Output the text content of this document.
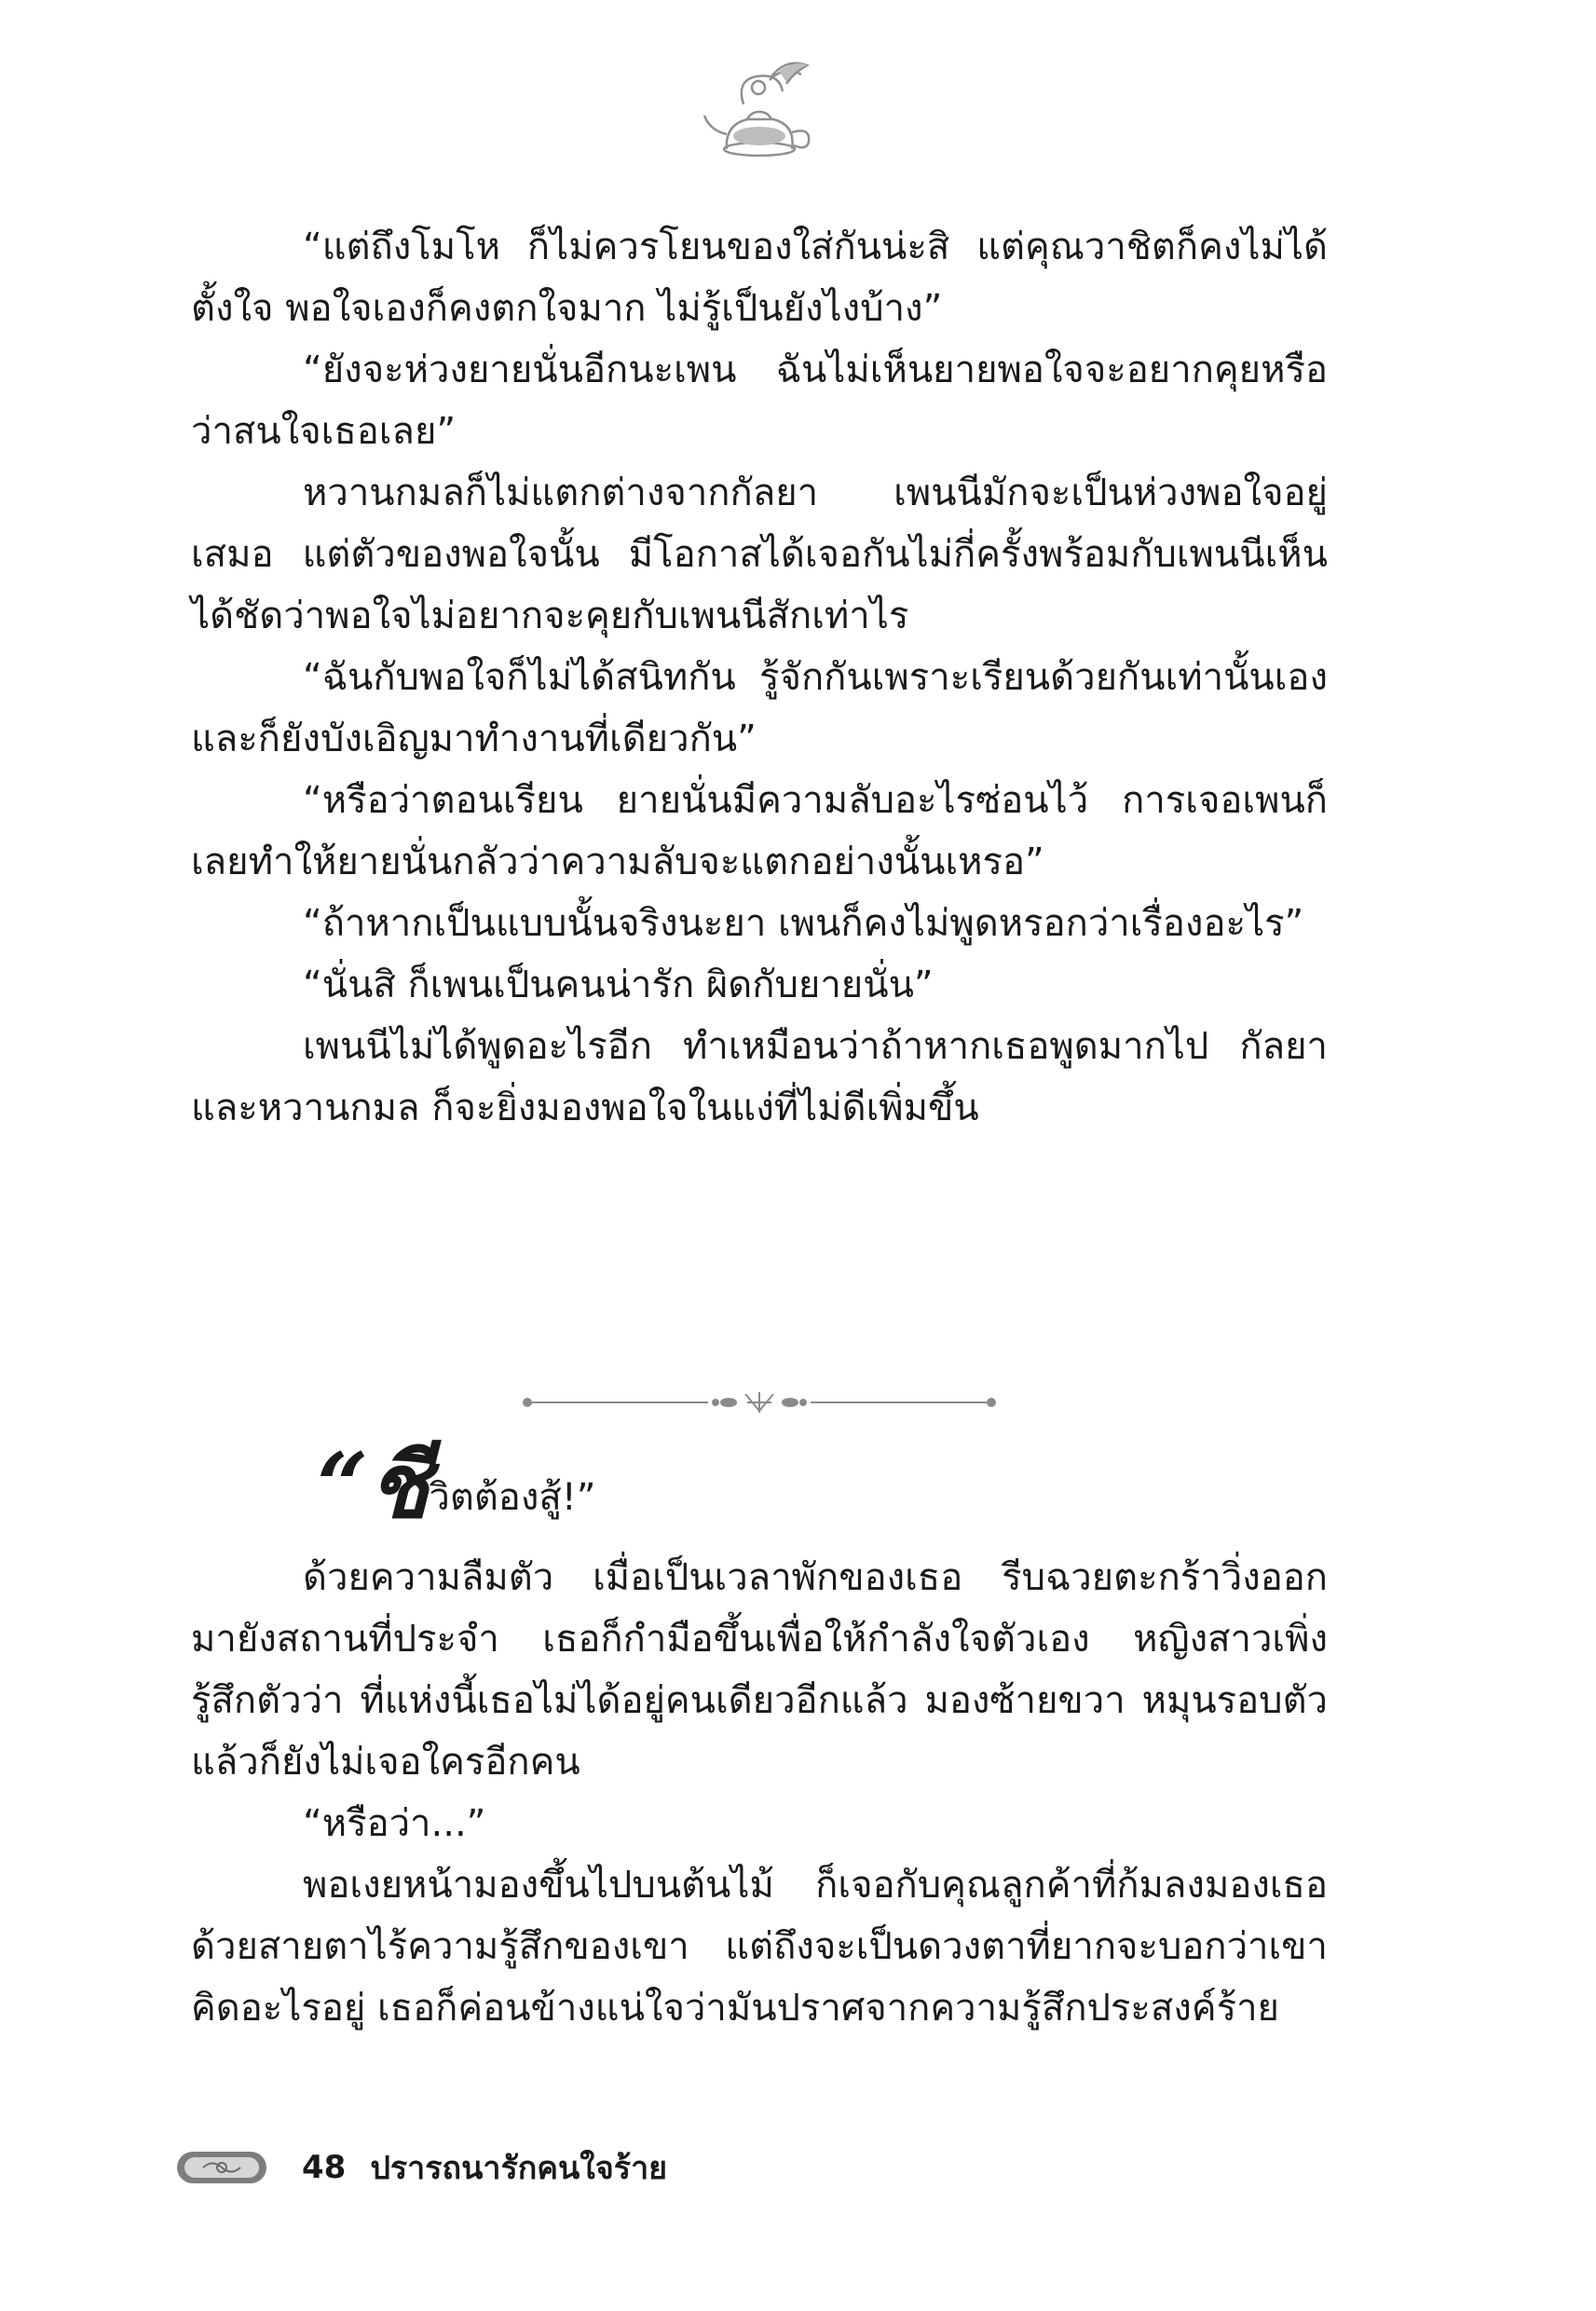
“แต่ถึงโมโห ก็ไม่ควรโยนของใส่กันน่ะสิ แต่คุณวาชิตก็คงไม่ได้ตั้งใจ พอใจเองก็คงตกใจมาก ไม่รู้เป็นยังไงบ้าง”

“ยังจะห่วงยายนั่นอีกนะเพน ฉันไม่เห็นยายพอใจจะอยากคุยหรือว่าสนใจเธอเลย”

หวานกมลก็ไม่แตกต่างจากกัลยา เพนนีมักจะเป็นห่วงพอใจอยู่เสมอ แต่ตัวของพอใจนั้น มีโอกาสได้เจอกันไม่กี่ครั้งพร้อมกับเพนนีเห็นได้ชัดว่าพอใจไม่อยากจะคุยกับเพนนีสักเท่าไร

“ฉันกับพอใจก็ไม่ได้สนิทกัน รู้จักกันเพราะเรียนด้วยกันเท่านั้นเอง และก็ยังบังเอิญมาทำงานที่เดียวกัน”

“หรือว่าตอนเรียน ยายนั่นมีความลับอะไรซ่อนไว้ การเจอเพนก็เลยทำให้ยายนั่นกลัวว่าความลับจะแตกอย่างนั้นเหรอ”

“ถ้าหากเป็นแบบนั้นจริงนะยา เพนก็คงไม่พูดหรอกว่าเรื่องอะไร”

“นั่นสิ ก็เพนเป็นคนน่ารัก ผิดกับยายนั่น”

เพนนีไม่ได้พูดอะไรอีก ทำเหมือนว่าถ้าหากเธอพูดมากไป กัลยาและหวานกมล ก็จะยิ่งมองพอใจในแง่ที่ไม่ดีเพิ่มขึ้น

“ชีวิตต้องสู้!”

ด้วยความลืมตัว เมื่อเป็นเวลาพักของเธอ รีบฉวยตะกร้าวิ่งออกมายังสถานที่ประจำ เธอก็กำมือขึ้นเพื่อให้กำลังใจตัวเอง หญิงสาวเพิ่งรู้สึกตัวว่า ที่แห่งนี้เธอไม่ได้อยู่คนเดียวอีกแล้ว มองซ้ายขวา หมุนรอบตัว แล้วก็ยังไม่เจอใครอีกคน

“หรือว่า...”

พอเงยหน้ามองขึ้นไปบนต้นไม้ ก็เจอกับคุณลูกค้าที่ก้มลงมองเธอด้วยสายตาไร้ความรู้สึกของเขา แต่ถึงจะเป็นดวงตาที่ยากจะบอกว่าเขาคิดอะไรอยู่ เธอก็ค่อนข้างแน่ใจว่ามันปราศจากความรู้สึกประสงค์ร้าย

48 ปรารถนารักคนใจร้าย
